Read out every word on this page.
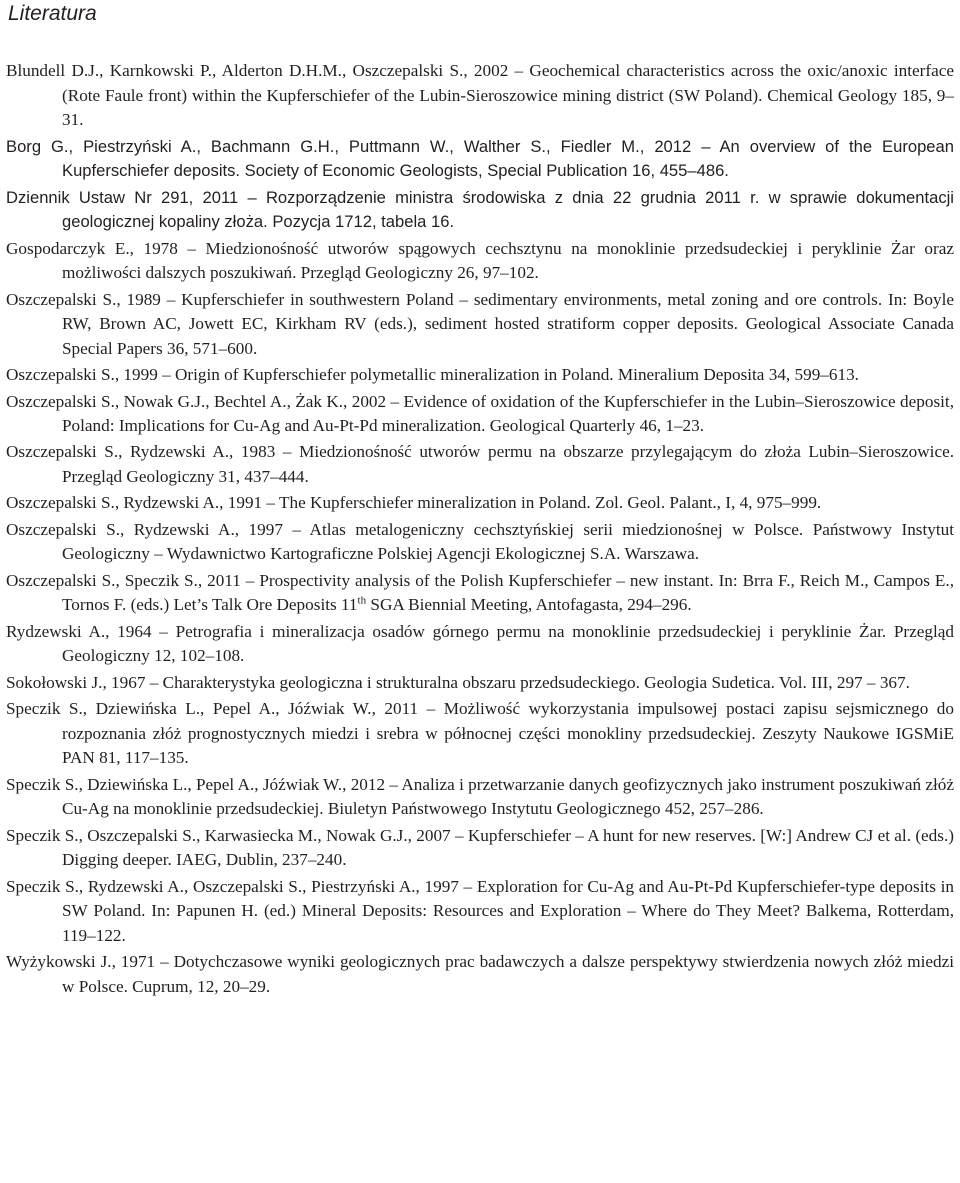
Literatura
Blundell D.J., Karnkowski P., Alderton D.H.M., Oszczepalski S., 2002 – Geochemical characteristics across the oxic/anoxic interface (Rote Faule front) within the Kupferschiefer of the Lubin-Sieroszowice mining district (SW Poland). Chemical Geology 185, 9–31.
Borg G., Piestrzyński A., Bachmann G.H., Puttmann W., Walther S., Fiedler M., 2012 – An overview of the European Kupferschiefer deposits. Society of Economic Geologists, Special Publication 16, 455–486.
Dziennik Ustaw Nr 291, 2011 – Rozporządzenie ministra środowiska z dnia 22 grudnia 2011 r. w sprawie dokumentacji geologicznej kopaliny złoża. Pozycja 1712, tabela 16.
Gospodarczyk E., 1978 – Miedzionośność utworów spągowych cechsztynu na monoklinie przedsudeckiej i peryklinie Żar oraz możliwości dalszych poszukiwań. Przegląd Geologiczny 26, 97–102.
Oszczepalski S., 1989 – Kupferschiefer in southwestern Poland – sedimentary environments, metal zoning and ore controls. In: Boyle RW, Brown AC, Jowett EC, Kirkham RV (eds.), sediment hosted stratiform copper deposits. Geological Associate Canada Special Papers 36, 571–600.
Oszczepalski S., 1999 – Origin of Kupferschiefer polymetallic mineralization in Poland. Mineralium Deposita 34, 599–613.
Oszczepalski S., Nowak G.J., Bechtel A., Żak K., 2002 – Evidence of oxidation of the Kupferschiefer in the Lubin–Sieroszowice deposit, Poland: Implications for Cu-Ag and Au-Pt-Pd mineralization. Geological Quarterly 46, 1–23.
Oszczepalski S., Rydzewski A., 1983 – Miedzionośność utworów permu na obszarze przylegającym do złoża Lubin–Sieroszowice. Przegląd Geologiczny 31, 437–444.
Oszczepalski S., Rydzewski A., 1991 – The Kupferschiefer mineralization in Poland. Zol. Geol. Palant., I, 4, 975–999.
Oszczepalski S., Rydzewski A., 1997 – Atlas metalogeniczny cechsztyńskiej serii miedzionośnej w Polsce. Państwowy Instytut Geologiczny – Wydawnictwo Kartograficzne Polskiej Agencji Ekologicznej S.A. Warszawa.
Oszczepalski S., Speczik S., 2011 – Prospectivity analysis of the Polish Kupferschiefer – new instant. In: Brra F., Reich M., Campos E., Tornos F. (eds.) Let’s Talk Ore Deposits 11th SGA Biennial Meeting, Antofagasta, 294–296.
Rydzewski A., 1964 – Petrografia i mineralizacja osadów górnego permu na monoklinie przedsudeckiej i peryklinie Żar. Przegląd Geologiczny 12, 102–108.
Sokołowski J., 1967 – Charakterystyka geologiczna i strukturalna obszaru przedsudeckiego. Geologia Sudetica. Vol. III, 297 – 367.
Speczik S., Dziewińska L., Pepel A., Jóźwiak W., 2011 – Możliwość wykorzystania impulsowej postaci zapisu sejsmicznego do rozpoznania złóż prognostycznych miedzi i srebra w północnej części monokliny przedsudeckiej. Zeszyty Naukowe IGSMiE PAN 81, 117–135.
Speczik S., Dziewińska L., Pepel A., Jóźwiak W., 2012 – Analiza i przetwarzanie danych geofizycznych jako instrument poszukiwań złóż Cu-Ag na monoklinie przedsudeckiej. Biuletyn Państwowego Instytutu Geologicznego 452, 257–286.
Speczik S., Oszczepalski S., Karwasiecka M., Nowak G.J., 2007 – Kupferschiefer – A hunt for new reserves. [W:] Andrew CJ et al. (eds.) Digging deeper. IAEG, Dublin, 237–240.
Speczik S., Rydzewski A., Oszczepalski S., Piestrzyński A., 1997 – Exploration for Cu-Ag and Au-Pt-Pd Kupferschiefer-type deposits in SW Poland. In: Papunen H. (ed.) Mineral Deposits: Resources and Exploration – Where do They Meet? Balkema, Rotterdam, 119–122.
Wyżykowski J., 1971 – Dotychczasowe wyniki geologicznych prac badawczych a dalsze perspektywy stwierdzenia nowych złóż miedzi w Polsce. Cuprum, 12, 20–29.
